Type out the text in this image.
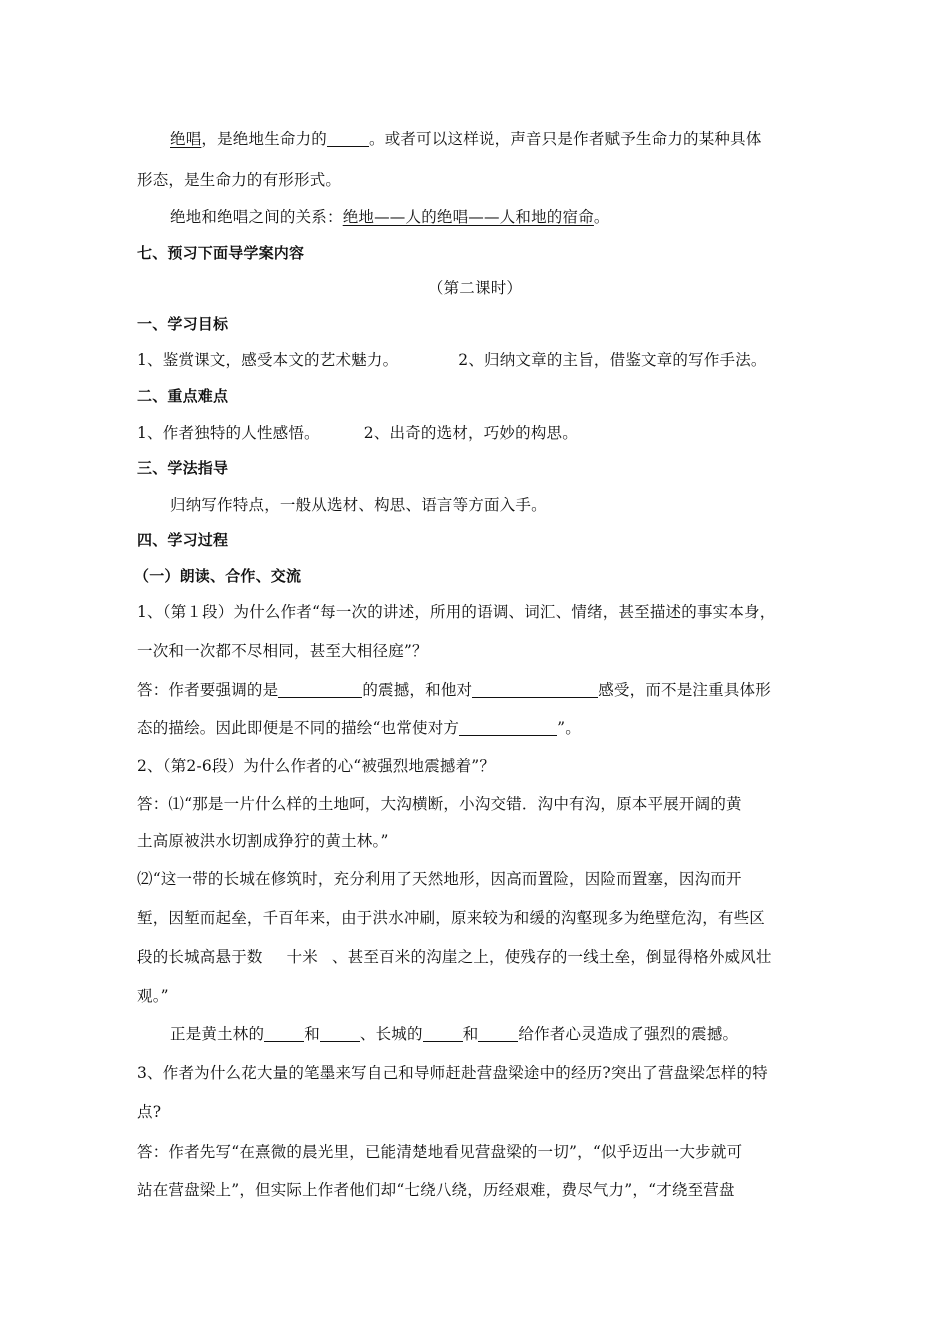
绝唱，是绝地生命力的	。或者可以这样说，声音只是作者赋予生命力的某种具体
形态，是生命力的有形形式。
绝地和绝唱之间的关系：绝地——人的绝唱——人和地的宿命。
七、预习下面导学案内容
（第二课时）
一、学习目标
1、鉴赏课文，感受本文的艺术魅力。	2、归纳文章的主旨，借鉴文章的写作手法。
二、重点难点
1、作者独特的人性感悟。	2、出奇的选材，巧妙的构思。
三、学法指导
归纳写作特点，一般从选材、构思、语言等方面入手。
四、学习过程
（一）朗读、合作、交流
1、（第１段）为什么作者“每一次的讲述，所用的语调、词汇、情绪，甚至描述的事实本身，
一次和一次都不尽相同，甚至大相径庭”？
答：作者要强调的是	的震撼，和他对	感受，而不是注重具体形
态的描绘。因此即便是不同的描绘“也常使对方	”。
2、（第2-6段）为什么作者的心“被强烈地震撼着”？
答：⑴“那是一片什么样的土地呵，大沟横断，小沟交错．沟中有沟，原本平展开阔的黄
土高原被洪水切割成狰狞的黄土林。”
⑵“这一带的长城在修筑时，充分利用了天然地形，因高而置险，因险而置塞，因沟而开
堑，因堑而起垒，千百年来，由于洪水冲刷，原来较为和缓的沟壑现多为绝壁危沟，有些区
段的长城高悬于数 十米 、甚至百米的沟崖之上，使残存的一线土垒，倒显得格外威风壮
观。”
正是黄土林的	和	、长城的	和	给作者心灵造成了强烈的震撼。
3、作者为什么花大量的笔墨来写自己和导师赶赴营盘梁途中的经历?突出了营盘梁怎样的特
点?
答：作者先写“在熹微的晨光里，已能清楚地看见营盘梁的一切”，“似乎迈出一大步就可
站在营盘梁上”，但实际上作者他们却“七绕八绕，历经艰难，费尽气力”，“才绕至营盘
